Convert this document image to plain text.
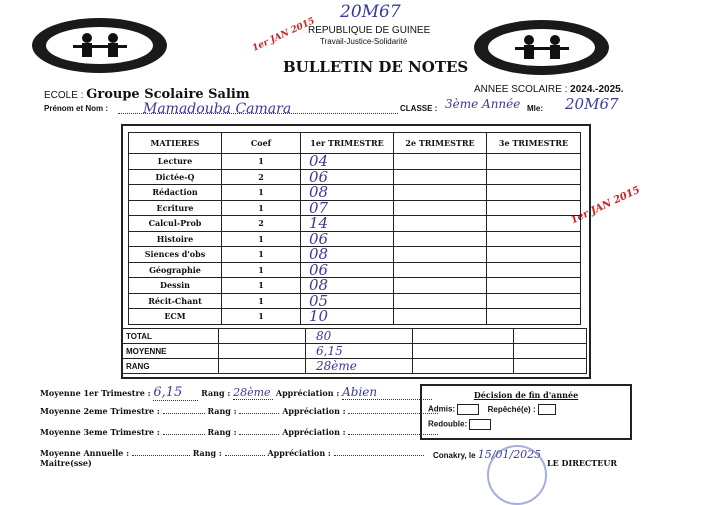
20M67
1er JAN 2015
REPUBLIQUE DE GUINEE
Travail-Justice-Solidarité
BULLETIN DE NOTES
1er JAN 2015
ECOLE : Groupe Scolaire Salim	ANNEE SCOLAIRE : 2024.-2025.
Prénom et Nom :	Mamadouba Camara	CLASSE : 3ème Année Mle: 20M67
MATIERES	Coef	1er TRIMESTRE	2e TRIMESTRE	3e TRIMESTRE
Lecture	1	04		
Dictée-Q	2	06		
Rédaction	1	08		
Ecriture	1	07		
Calcul-Prob	2	14		
Histoire	1	06		
Siences d'obs	1	08		
Géographie	1	06		
Dessin	1	08		
Récit-Chant	1	05		
ECM	1	10		
TOTAL		80		
MOYENNE		6,15		
RANG		28ème		
Moyenne 1er Trimestre : 6,15 Rang : 28ème Appréciation : Abien
Moyenne 2eme Trimestre :	Rang :	Appréciation :
Moyenne 3eme Trimestre :	Rang :	Appréciation :
Moyenne Annuelle :	Rang :	Appréciation :
Maitre(sse)
Décision de fin d'année
Admis:	Repêché(e) :
Redouble:
Conakry, le 15/01/2025
LE DIRECTEUR
